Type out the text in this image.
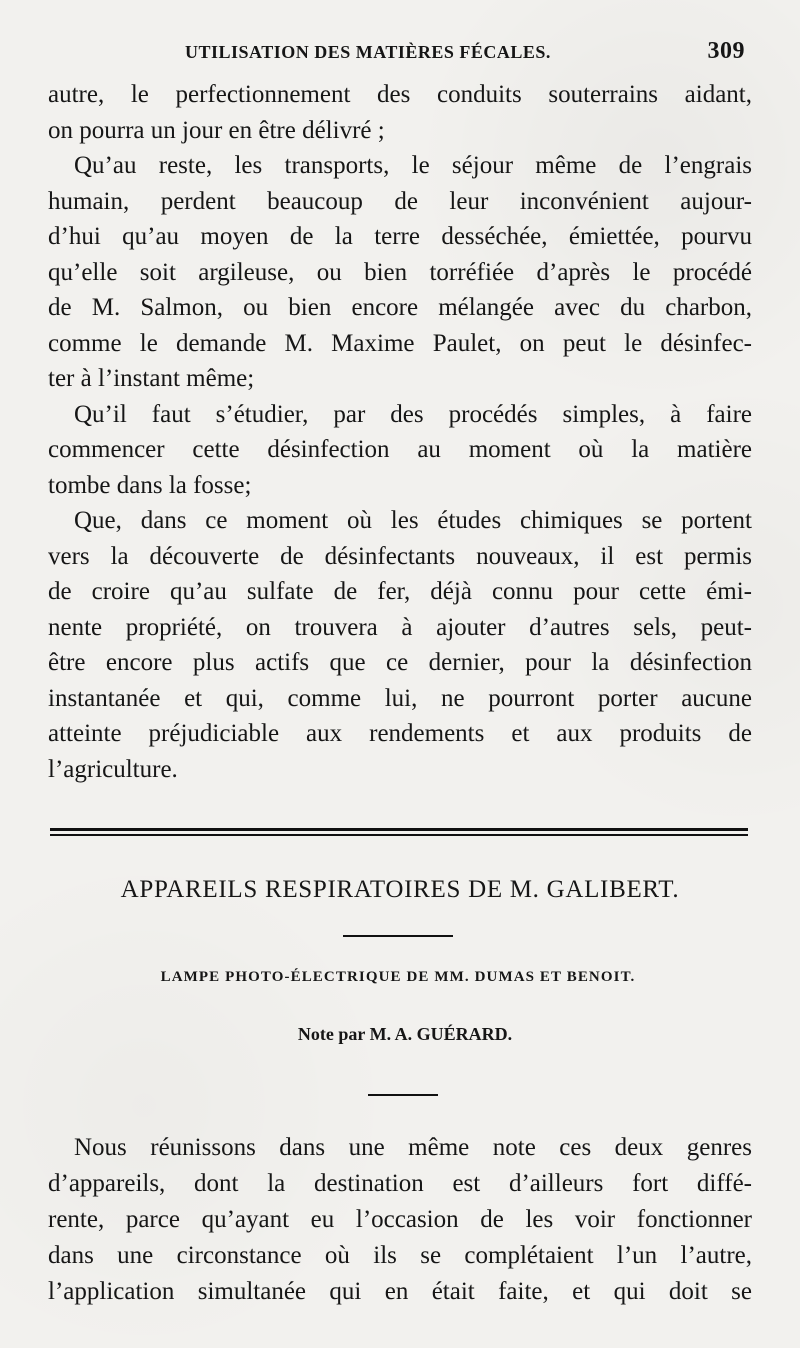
UTILISATION DES MATIÈRES FÉCALES.	309
autre, le perfectionnement des conduits souterrains aidant,
on pourra un jour en être délivré ;
Qu’au reste, les transports, le séjour même de l’engrais
humain, perdent beaucoup de leur inconvénient aujour-
d’hui qu’au moyen de la terre desséchée, émiettée, pourvu
qu’elle soit argileuse, ou bien torréfiée d’après le procédé
de M. Salmon, ou bien encore mélangée avec du charbon,
comme le demande M. Maxime Paulet, on peut le désinfec-
ter à l’instant même;
Qu’il faut s’étudier, par des procédés simples, à faire
commencer cette désinfection au moment où la matière
tombe dans la fosse;
Que, dans ce moment où les études chimiques se portent
vers la découverte de désinfectants nouveaux, il est permis
de croire qu’au sulfate de fer, déjà connu pour cette émi-
nente propriété, on trouvera à ajouter d’autres sels, peut-
être encore plus actifs que ce dernier, pour la désinfection
instantanée et qui, comme lui, ne pourront porter aucune
atteinte préjudiciable aux rendements et aux produits de
l’agriculture.
APPAREILS RESPIRATOIRES DE M. GALIBERT.
LAMPE PHOTO-ÉLECTRIQUE DE MM. DUMAS ET BENOIT.
Note par M. A. GUÉRARD.
Nous réunissons dans une même note ces deux genres
d’appareils, dont la destination est d’ailleurs fort diffé-
rente, parce qu’ayant eu l’occasion de les voir fonctionner
dans une circonstance où ils se complétaient l’un l’autre,
l’application simultanée qui en était faite, et qui doit se
